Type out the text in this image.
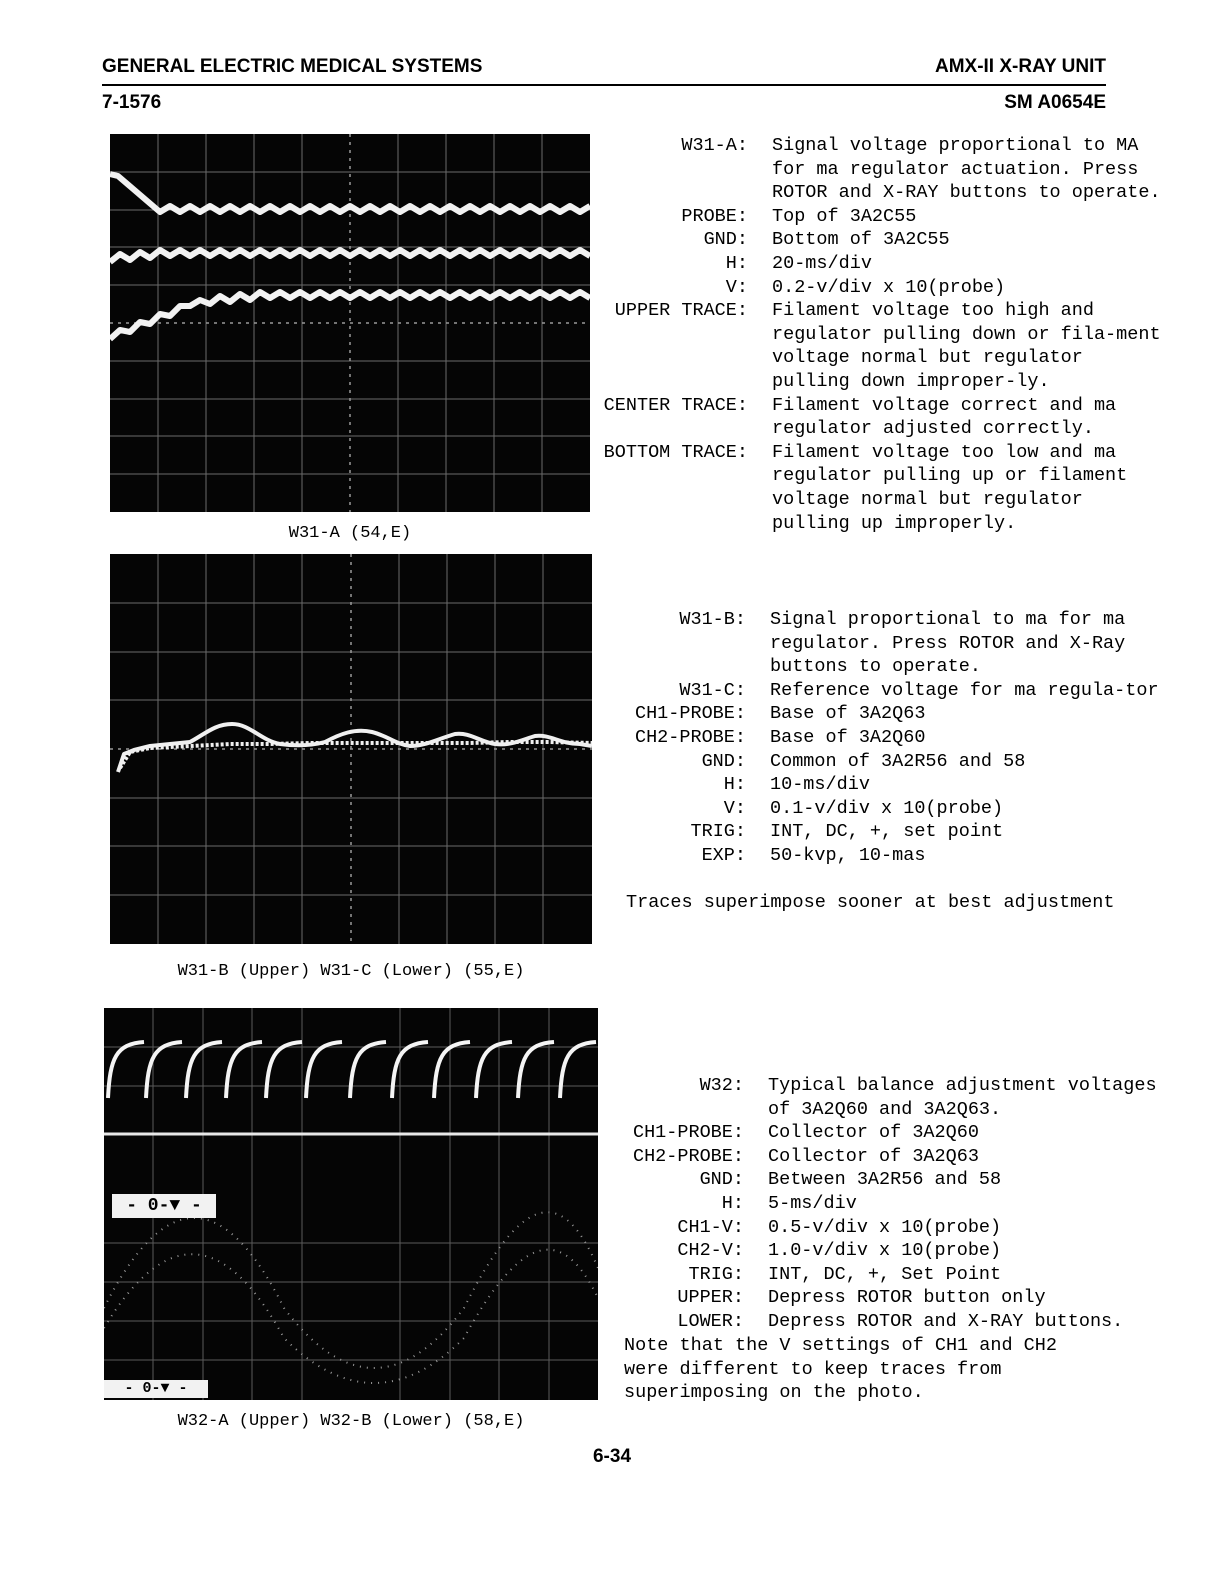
GENERAL ELECTRIC MEDICAL SYSTEMS	AMX-II X-RAY UNIT
7-1576	SM A0654E
W31-A (54,E)
W31-B (Upper) W31-C (Lower) (55,E)
- 0-▼ -
- 0-▼ -
W32-A (Upper) W32-B (Lower) (58,E)
W31-A:	Signal voltage proportional to MA for ma regulator actuation. Press ROTOR and X-RAY buttons to operate.
PROBE:	Top of 3A2C55
GND:	Bottom of 3A2C55
H:	20-ms/div
V:	0.2-v/div x 10(probe)
UPPER TRACE:	Filament voltage too high and regulator pulling down or fila-ment voltage normal but regulator pulling down improper-ly.
CENTER TRACE:	Filament voltage correct and ma regulator adjusted correctly.
BOTTOM TRACE:	Filament voltage too low and ma regulator pulling up or filament voltage normal but regulator pulling up improperly.
W31-B:	Signal proportional to ma for ma regulator. Press ROTOR and X-Ray buttons to operate.
W31-C:	Reference voltage for ma regula-tor
CH1-PROBE:	Base of 3A2Q63
CH2-PROBE:	Base of 3A2Q60
GND:	Common of 3A2R56 and 58
H:	10-ms/div
V:	0.1-v/div x 10(probe)
TRIG:	INT, DC, +, set point
EXP:	50-kvp, 10-mas
Traces superimpose sooner at best adjustment
W32:	Typical balance adjustment voltages of 3A2Q60 and 3A2Q63.
CH1-PROBE:	Collector of 3A2Q60
CH2-PROBE:	Collector of 3A2Q63
GND:	Between 3A2R56 and 58
H:	5-ms/div
CH1-V:	0.5-v/div x 10(probe)
CH2-V:	1.0-v/div x 10(probe)
TRIG:	INT, DC, +, Set Point
UPPER:	Depress ROTOR button only
LOWER:	Depress ROTOR and X-RAY buttons.
Note that the V settings of CH1 and CH2
were different to keep traces from
superimposing on the photo.
6-34
